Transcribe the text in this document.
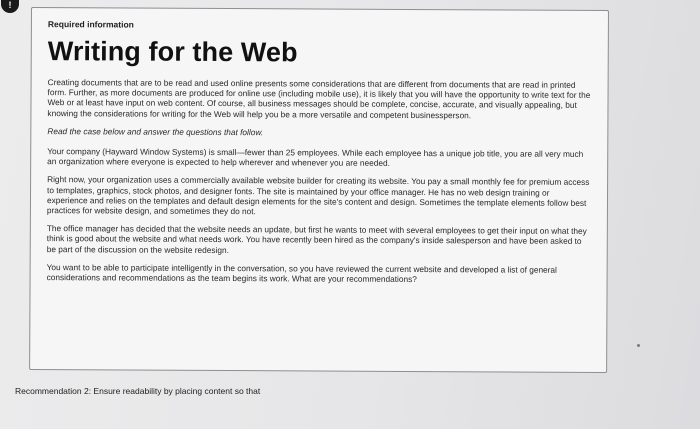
!
Required information
Writing for the Web

Creating documents that are to be read and used online presents some considerations that are different from documents that are read in printed form. Further, as more documents are produced for online use (including mobile use), it is likely that you will have the opportunity to write text for the Web or at least have input on web content. Of course, all business messages should be complete, concise, accurate, and visually appealing, but knowing the considerations for writing for the Web will help you be a more versatile and competent businessperson.

Read the case below and answer the questions that follow.

Your company (Hayward Window Systems) is small—fewer than 25 employees. While each employee has a unique job title, you are all very much an organization where everyone is expected to help wherever and whenever you are needed.

Right now, your organization uses a commercially available website builder for creating its website. You pay a small monthly fee for premium access to templates, graphics, stock photos, and designer fonts. The site is maintained by your office manager. He has no web design training or experience and relies on the templates and default design elements for the site's content and design. Sometimes the template elements follow best practices for website design, and sometimes they do not.

The office manager has decided that the website needs an update, but first he wants to meet with several employees to get their input on what they think is good about the website and what needs work. You have recently been hired as the company's inside salesperson and have been asked to be part of the discussion on the website redesign.

You want to be able to participate intelligently in the conversation, so you have reviewed the current website and developed a list of general considerations and recommendations as the team begins its work. What are your recommendations?

Recommendation 2: Ensure readability by placing content so that
